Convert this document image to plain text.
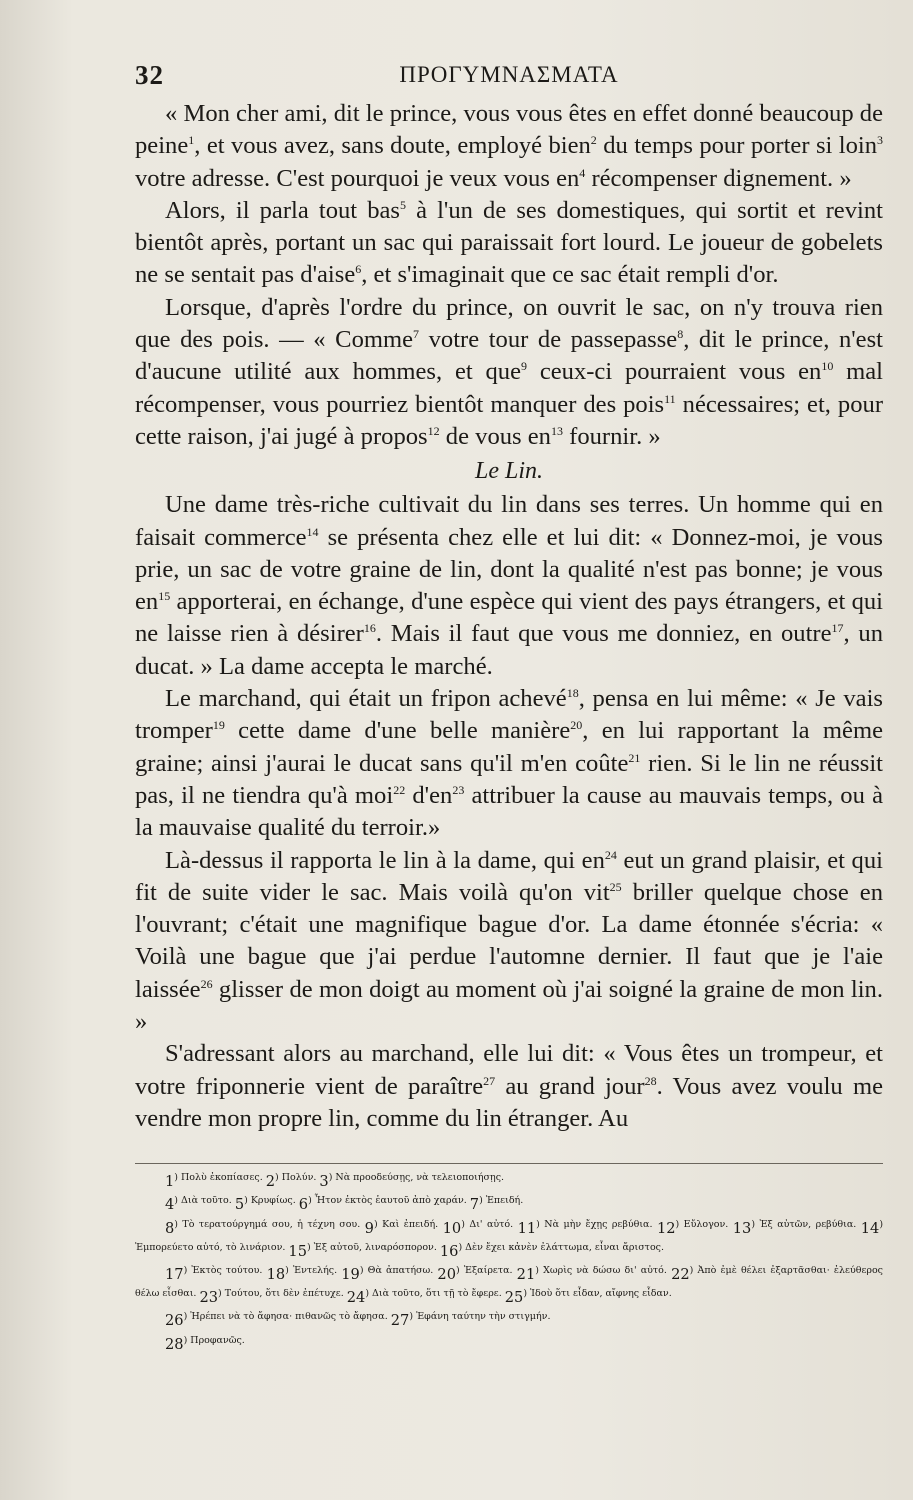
32	ΠΡΟΓΥΜΝΑΣΜΑΤΑ

« Mon cher ami, dit le prince, vous vous êtes en effet donné beaucoup de peine$^1$, et vous avez, sans doute, employé bien$^2$ du temps pour porter si loin$^3$ votre adresse. C'est pourquoi je veux vous $en^4$ récompenser dignement. »

Alors, il parla tout bas$^5$ à l'un de ses domestiques, qui sortit et revint bientôt après, portant un sac qui paraissait fort lourd. Le joueur de gobelets ne se sentait pas d'aise$^6$, et s'imaginait que ce sac était rempli d'or.

Lorsque, d'après l'ordre du prince, on ouvrit le sac, on n'y trouva rien que des pois. — « Comme$^7$ votre tour de passepasse$^8$, dit le prince, n'est d'aucune utilité aux hommes, et que$^9$ ceux-ci pourraient vous $en^{10}$ mal récompenser, vous pourriez bientôt manquer des pois$^{11}$ nécessaires; et, pour cette raison, j'ai jugé à propos$^{12}$ de vous $en^{13}$ fournir. »

Le Lin.

Une dame très-riche cultivait du lin dans ses terres. Un homme qui en faisait commerce$^{14}$ se présenta chez elle et lui dit: « Donnez-moi, je vous prie, un sac de votre graine de lin, dont la qualité n'est pas bonne; je vous $en^{15}$ apporterai, en échange, d'une espèce qui vient des pays étrangers, et qui ne laisse rien à désirer$^{16}$. Mais il faut que vous me donniez, en outre$^{17}$, un ducat. » La dame accepta le marché.

Le marchand, qui était un fripon achevé$^{18}$, pensa en lui même: « Je vais tromper$^{19}$ cette dame d'une belle manière$^{20}$, en lui rapportant la même graine; ainsi j'aurai le ducat sans qu'il m'en coûte$^{21}$ rien. Si le lin ne réussit pas, il ne tiendra qu'à moi$^{22}$ $d'en^{23}$ attribuer la cause au mauvais temps, ou à la mauvaise qualité du terroir.»

Là-dessus il rapporta le lin à la dame, qui $en^{24}$ eut un grand plaisir, et qui fit de suite vider le sac. Mais voilà qu'on vit$^{25}$ briller quelque chose en l'ouvrant; c'était une magnifique bague d'or. La dame étonnée s'écria: « Voilà une bague que j'ai perdue l'automne dernier. Il faut que je l'aie laissée$^{26}$ glisser de mon doigt au moment où j'ai soigné la graine de mon lin. »

S'adressant alors au marchand, elle lui dit: « Vous êtes un trompeur, et votre friponnerie vient de paraître$^{27}$ au grand jour$^{28}$. Vous avez voulu me vendre mon propre lin, comme du lin étranger. Au

$1^{) \Pi o\lambda ὺ ἐ\kappa o\pi ί\alpha\sigma\varepsilon\varsigma.}$ $2^{) \Pi o\lambda ύ\nu.}$ $3^{) Nὰ \pi\rho oo\delta\varepsilon ύ\sigma ῃ\varsigma, \nu ὰ \tau\varepsilon\lambda\varepsilon\iota o\pi o\iota ή\sigma ῃ\varsigma.}$

$4^{) \Delta\iota ὰ \tau oῦ\tau o.}$ $5^{) K\rho\upsilon\varphi ί\omega\varsigma.}$ $6^{) Ἦ\tau o\nu ἐ\kappa\tau ὸ\varsigma ἑ\alpha\upsilon\tau oῦ ἀ\pi ὸ \chi\alpha\rho ά\nu.}$ $7^{) Ἐ\pi\varepsilon\iota\delta ή.}$

$8^{) Tὸ \tau\varepsilon\rho\alpha\tau oύ\rho\gamma\eta\mu ά \sigma o\upsilon, ἡ \tau έ\chi\nu\eta \sigma o\upsilon.}$ $9^{) K\alpha ὶ ἐ\pi\varepsilon\iota\delta ή.}$ $10^{) \Delta\iota' \alpha ὐ\tau ό.}$ $11^{) Nὰ \mu ὴ\nu ἔ\chi ῃ\varsigma \rho\varepsilon\beta ύ\theta\iota\alpha.}$ $12^{) Eὔ\lambda o\gamma o\nu.}$ $13^{) Ἐ\xi \alpha ὐ\tau ῶ\nu, \rho\varepsilon\beta ύ\theta\iota\alpha.}$ $14^{) Ἐ\mu\pi o\rho\varepsilon ύ\varepsilon\tau o \alpha ὐ\tau ό, \tau ὸ \lambda\iota\nu ά\rho\iota o\nu.}$ $15^{) Ἐ\xi \alpha ὐ\tau oῦ, \lambda\iota\nu\alpha\rho ό\sigma\pi o\rho o\nu.}$ $16^{) \Delta ὲ\nu ἔ\chi\varepsilon\iota \kappa ἀ\nu ὲ\nu ἐ\lambda ά\tau\tau\omega\mu\alpha, \varepsilon ἶ\nu\alpha\iota ἄ\rho\iota\sigma\tau o\varsigma.}$

$17^{) Ἐ\kappa\tau ὸ\varsigma \tau oύ\tau o\upsilon.}$ $18^{) Ἐ\nu\tau\varepsilon\lambda ή\varsigma.}$ $19^{) \Theta ὰ ἀ\pi\alpha\tau ή\sigma\omega.}$ $20^{) Ἐ\xi\alpha ί\rho\varepsilon\tau\alpha.}$ $21^{) X\omega\rho ὶ\varsigma \nu ὰ \delta ώ\sigma\omega \delta\iota' \alpha ὐ\tau ό.}$ $22^{) Ἀ\pi ὸ ἐ\mu ὲ \theta έ\lambda\varepsilon\iota ἐ\xi\alpha\rho\tau ᾶ\sigma\theta\alpha\iota\cdot ἐ\lambda\varepsilon ύ\theta\varepsilon\rho o\varsigma \theta έ\lambda\omega \varepsilon ἶ\sigma\theta\alpha\iota.}$ $23^{) Toύ\tau o\upsilon, ὅ\tau\iota \delta ὲ\nu ἐ\pi έ\tau\upsilon\chi\varepsilon.}$ $24^{) \Delta\iota ὰ \tau oῦ\tau o, ὅ\tau\iota \tau ῇ \tau ὸ ἔ\varphi\varepsilon\rho\varepsilon.}$ $25^{) Ἰ\delta oὺ ὅ\tau\iota \varepsilon ἶ\delta\alpha\nu, \alpha ἴ\varphi\nu\eta\varsigma \varepsilon ἶ\delta\alpha\nu.}$

$26^{) Ἠ\rho έ\pi\varepsilon\iota \nu ὰ \tau ὸ ἄ\varphi\eta\sigma\alpha\cdot \pi\iota\theta\alpha\nu ῶ\varsigma \tau ὸ ἄ\varphi\eta\sigma\alpha.}$ $27^{) Ἐ\varphi ά\nu\eta \tau\alpha ύ\tau\eta\nu \tau ὴ\nu \sigma\tau\iota\gamma\mu ή\nu.}$

$28^{) \Pi\rho o\varphi\alpha\nu ῶ\varsigma.}$
